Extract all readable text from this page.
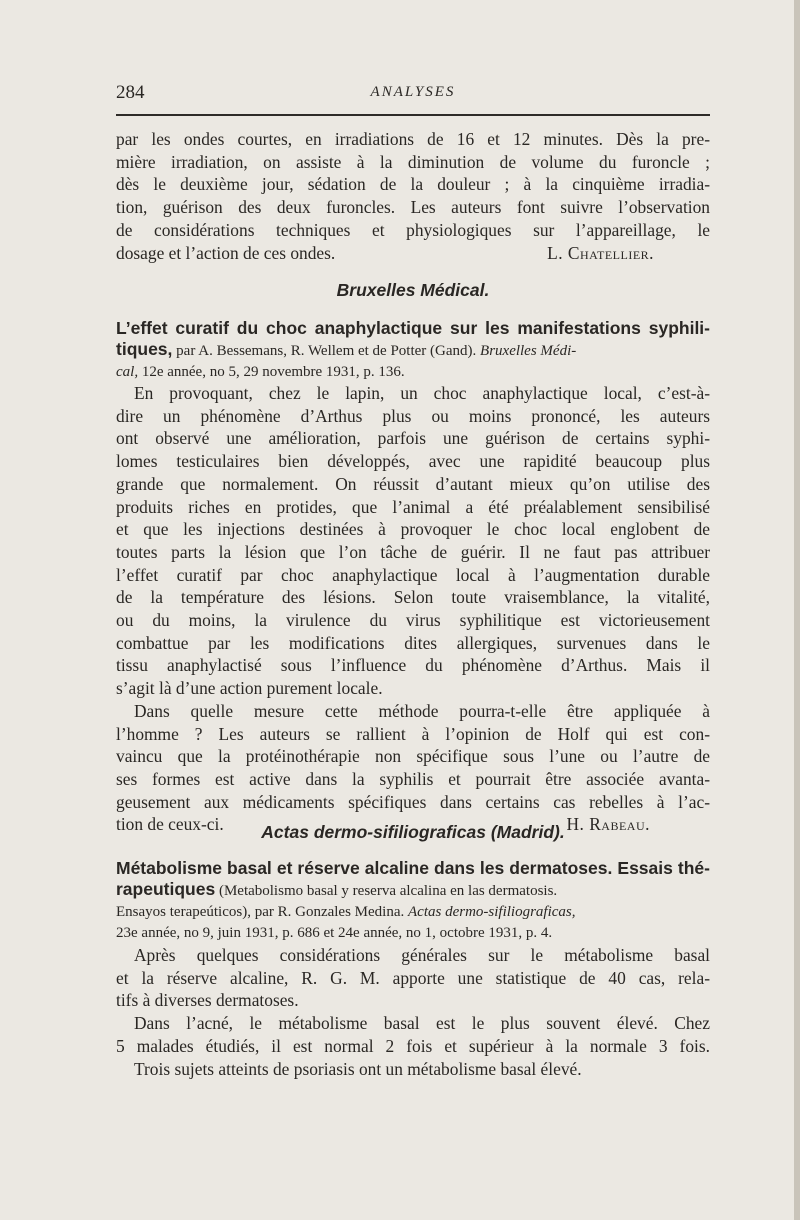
284	ANALYSES

par les ondes courtes, en irradiations de 16 et 12 minutes. Dès la pre-
mière irradiation, on assiste à la diminution de volume du furoncle ;
dès le deuxième jour, sédation de la douleur ; à la cinquième irradia-
tion, guérison des deux furoncles. Les auteurs font suivre l’observation
de considérations techniques et physiologiques sur l’appareillage, le
dosage et l’action de ces ondes.	L. Chatellier.

Bruxelles Médical.
L’effet curatif du choc anaphylactique sur les manifestations syphili-
tiques, par A. Bessemans, R. Wellem et de Potter (Gand). Bruxelles Médi-
cal, 12e année, no 5, 29 novembre 1931, p. 136.

En provoquant, chez le lapin, un choc anaphylactique local, c’est-à-
dire un phénomène d’Arthus plus ou moins prononcé, les auteurs
ont observé une amélioration, parfois une guérison de certains syphi-
lomes testiculaires bien développés, avec une rapidité beaucoup plus
grande que normalement. On réussit d’autant mieux qu’on utilise des
produits riches en protides, que l’animal a été préalablement sensibilisé
et que les injections destinées à provoquer le choc local englobent de
toutes parts la lésion que l’on tâche de guérir. Il ne faut pas attribuer
l’effet curatif par choc anaphylactique local à l’augmentation durable
de la température des lésions. Selon toute vraisemblance, la vitalité,
ou du moins, la virulence du virus syphilitique est victorieusement
combattue par les modifications dites allergiques, survenues dans le
tissu anaphylactisé sous l’influence du phénomène d’Arthus. Mais il
s’agit là d’une action purement locale.
Dans quelle mesure cette méthode pourra-t-elle être appliquée à
l’homme ? Les auteurs se rallient à l’opinion de Holf qui est con-
vaincu que la protéinothérapie non spécifique sous l’une ou l’autre de
ses formes est active dans la syphilis et pourrait être associée avanta-
geusement aux médicaments spécifiques dans certains cas rebelles à l’ac-
tion de ceux-ci.	H. Rabeau.

Actas dermo-sifiliograficas (Madrid).
Métabolisme basal et réserve alcaline dans les dermatoses. Essais thé-
rapeutiques (Metabolismo basal y reserva alcalina en las dermatosis.
Ensayos terapeúticos), par R. Gonzales Medina. Actas dermo-sifiliograficas,
23e année, no 9, juin 1931, p. 686 et 24e année, no 1, octobre 1931, p. 4.

Après quelques considérations générales sur le métabolisme basal
et la réserve alcaline, R. G. M. apporte une statistique de 40 cas, rela-
tifs à diverses dermatoses.
Dans l’acné, le métabolisme basal est le plus souvent élevé. Chez
5 malades étudiés, il est normal 2 fois et supérieur à la normale 3 fois.
Trois sujets atteints de psoriasis ont un métabolisme basal élevé.
